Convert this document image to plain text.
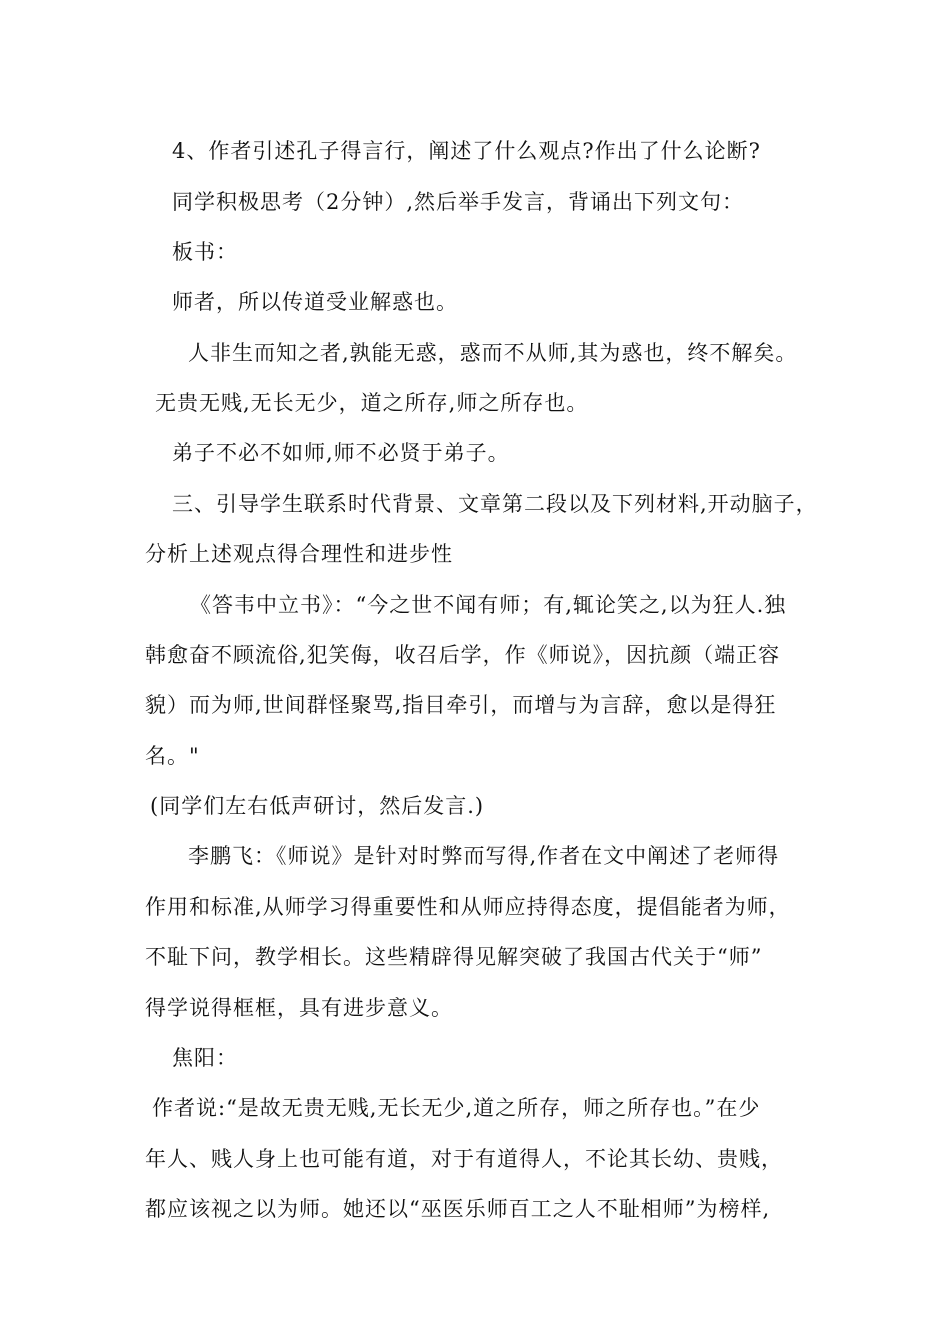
4、作者引述孔子得言行，阐述了什么观点?作出了什么论断?
同学积极思考（2分钟）,然后举手发言，背诵出下列文句：
板书：
师者，所以传道受业解惑也。
人非生而知之者,孰能无惑，惑而不从师,其为惑也，终不解矣。
无贵无贱,无长无少，道之所存,师之所存也。
弟子不必不如师,师不必贤于弟子。
三、引导学生联系时代背景、文章第二段以及下列材料,开动脑子，
分析上述观点得合理性和进步性
《答韦中立书》：“今之世不闻有师；有,辄论笑之,以为狂人.独
韩愈奋不顾流俗,犯笑侮，收召后学，作《师说》，因抗颜（端正容
貌）而为师,世间群怪聚骂,指目牵引，而增与为言辞，愈以是得狂
名。"
(同学们左右低声研讨，然后发言.)
李鹏飞：《师说》是针对时弊而写得,作者在文中阐述了老师得
作用和标准,从师学习得重要性和从师应持得态度，提倡能者为师，
不耻下问，教学相长。这些精辟得见解突破了我国古代关于“师”
得学说得框框，具有进步意义。
焦阳：
作者说:“是故无贵无贱,无长无少,道之所存，师之所存也。”在少
年人、贱人身上也可能有道，对于有道得人，不论其长幼、贵贱，
都应该视之以为师。她还以“巫医乐师百工之人不耻相师”为榜样,
